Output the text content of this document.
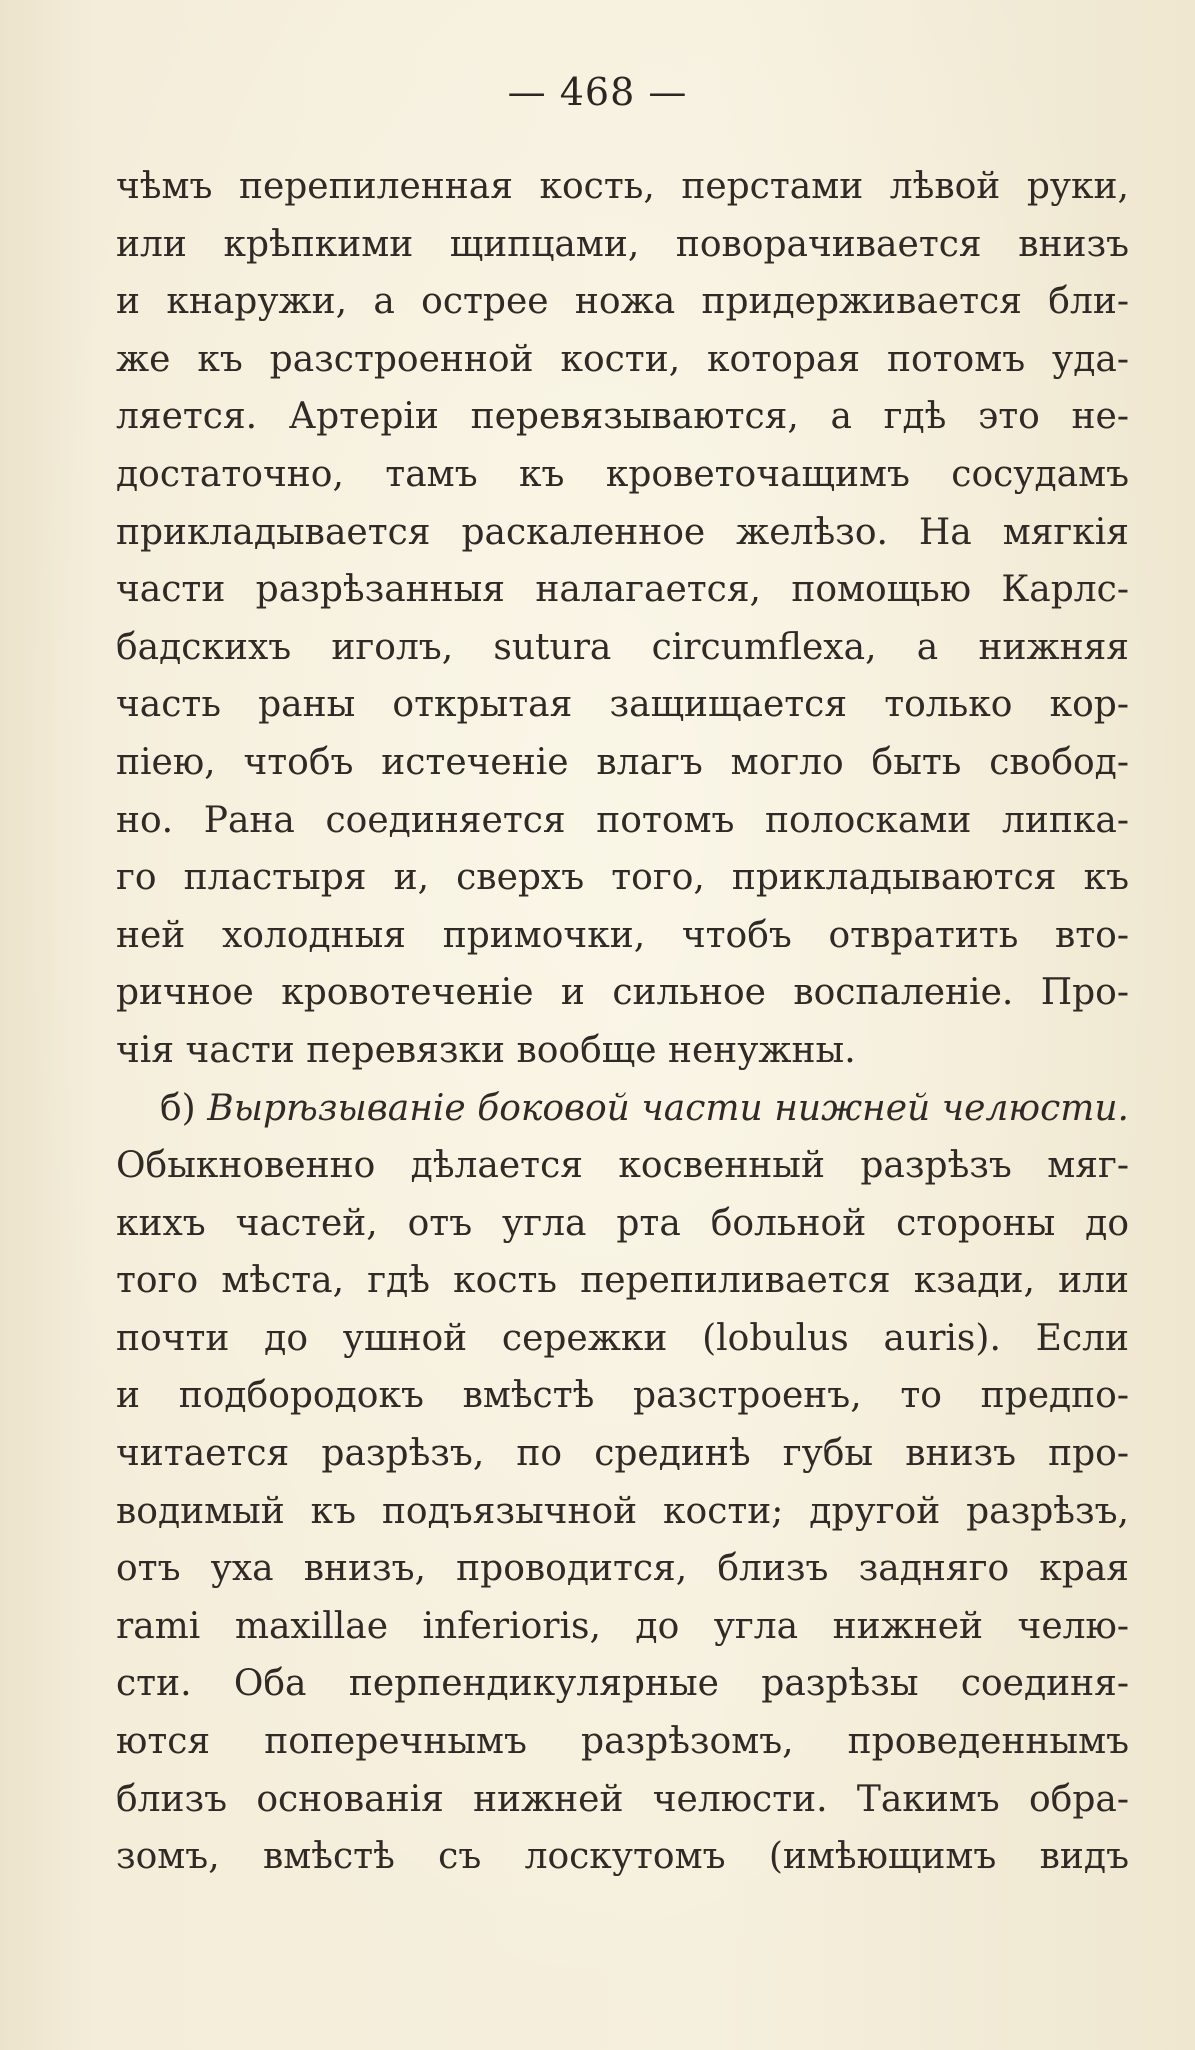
— 468 —
чѣмъ перепиленная кость, перстами лѣвой руки,
или крѣпкими щипцами, поворачивается внизъ
и кнаружи, а острее ножа придерживается бли-
же къ разстроенной кости, которая потомъ уда-
ляется. Артеріи перевязываются, а гдѣ это не-
достаточно, тамъ къ кроветочащимъ сосудамъ
прикладывается раскаленное желѣзо. На мягкія
части разрѣзанныя налагается, помощью Карлс-
бадскихъ иголъ, sutura circumflexa, а нижняя
часть раны открытая защищается только кор-
піею, чтобъ истеченіе влагъ могло быть свобод-
но. Рана соединяется потомъ полосками липка-
го пластыря и, сверхъ того, прикладываются къ
ней холодныя примочки, чтобъ отвратить вто-
ричное кровотеченіе и сильное воспаленіе. Про-
чія части перевязки вообще ненужны.
б) Вырѣзываніе боковой части нижней челюсти.
Обыкновенно дѣлается косвенный разрѣзъ мяг-
кихъ частей, отъ угла рта больной стороны до
того мѣста, гдѣ кость перепиливается кзади, или
почти до ушной сережки (lobulus auris). Если
и подбородокъ вмѣстѣ разстроенъ, то предпо-
читается разрѣзъ, по срединѣ губы внизъ про-
водимый къ подъязычной кости; другой разрѣзъ,
отъ уха внизъ, проводится, близъ задняго края
rami maxillae inferioris, до угла нижней челю-
сти. Оба перпендикулярные разрѣзы соединя-
ются поперечнымъ разрѣзомъ, проведеннымъ
близъ основанія нижней челюсти. Такимъ обра-
зомъ, вмѣстѣ съ лоскутомъ (имѣющимъ видъ
